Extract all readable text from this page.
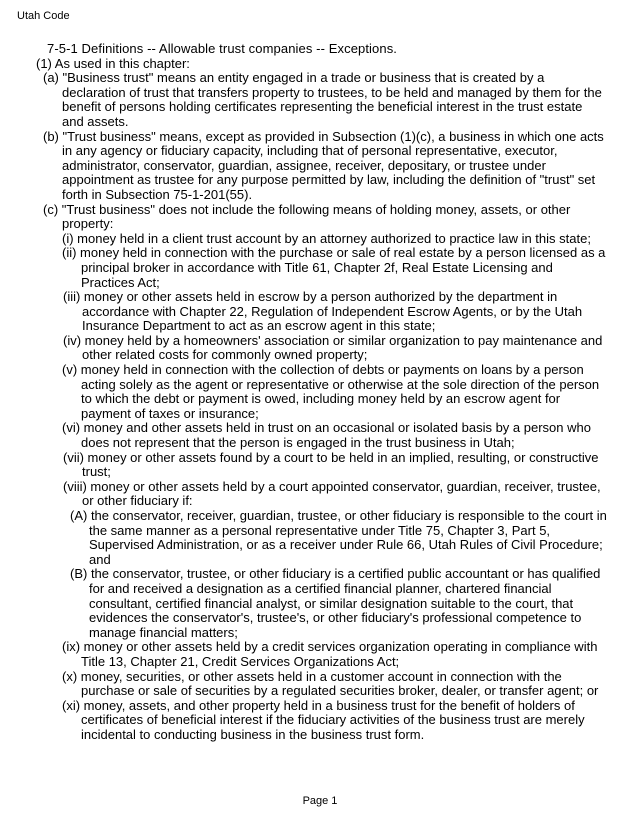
Utah Code
7-5-1 Definitions -- Allowable trust companies -- Exceptions.

(1) As used in this chapter:

(a) "Business trust" means an entity engaged in a trade or business that is created by a declaration of trust that transfers property to trustees, to be held and managed by them for the benefit of persons holding certificates representing the beneficial interest in the trust estate and assets.

(b) "Trust business" means, except as provided in Subsection (1)(c), a business in which one acts in any agency or fiduciary capacity, including that of personal representative, executor, administrator, conservator, guardian, assignee, receiver, depositary, or trustee under appointment as trustee for any purpose permitted by law, including the definition of "trust" set forth in Subsection 75-1-201(55).

(c) "Trust business" does not include the following means of holding money, assets, or other property:

(i) money held in a client trust account by an attorney authorized to practice law in this state;

(ii) money held in connection with the purchase or sale of real estate by a person licensed as a principal broker in accordance with Title 61, Chapter 2f, Real Estate Licensing and Practices Act;

(iii) money or other assets held in escrow by a person authorized by the department in accordance with Chapter 22, Regulation of Independent Escrow Agents, or by the Utah Insurance Department to act as an escrow agent in this state;

(iv) money held by a homeowners' association or similar organization to pay maintenance and other related costs for commonly owned property;

(v) money held in connection with the collection of debts or payments on loans by a person acting solely as the agent or representative or otherwise at the sole direction of the person to which the debt or payment is owed, including money held by an escrow agent for payment of taxes or insurance;

(vi) money and other assets held in trust on an occasional or isolated basis by a person who does not represent that the person is engaged in the trust business in Utah;

(vii) money or other assets found by a court to be held in an implied, resulting, or constructive trust;

(viii) money or other assets held by a court appointed conservator, guardian, receiver, trustee, or other fiduciary if:

(A) the conservator, receiver, guardian, trustee, or other fiduciary is responsible to the court in the same manner as a personal representative under Title 75, Chapter 3, Part 5, Supervised Administration, or as a receiver under Rule 66, Utah Rules of Civil Procedure; and

(B) the conservator, trustee, or other fiduciary is a certified public accountant or has qualified for and received a designation as a certified financial planner, chartered financial consultant, certified financial analyst, or similar designation suitable to the court, that evidences the conservator's, trustee's, or other fiduciary's professional competence to manage financial matters;

(ix) money or other assets held by a credit services organization operating in compliance with Title 13, Chapter 21, Credit Services Organizations Act;

(x) money, securities, or other assets held in a customer account in connection with the purchase or sale of securities by a regulated securities broker, dealer, or transfer agent; or

(xi) money, assets, and other property held in a business trust for the benefit of holders of certificates of beneficial interest if the fiduciary activities of the business trust are merely incidental to conducting business in the business trust form.

Page 1
